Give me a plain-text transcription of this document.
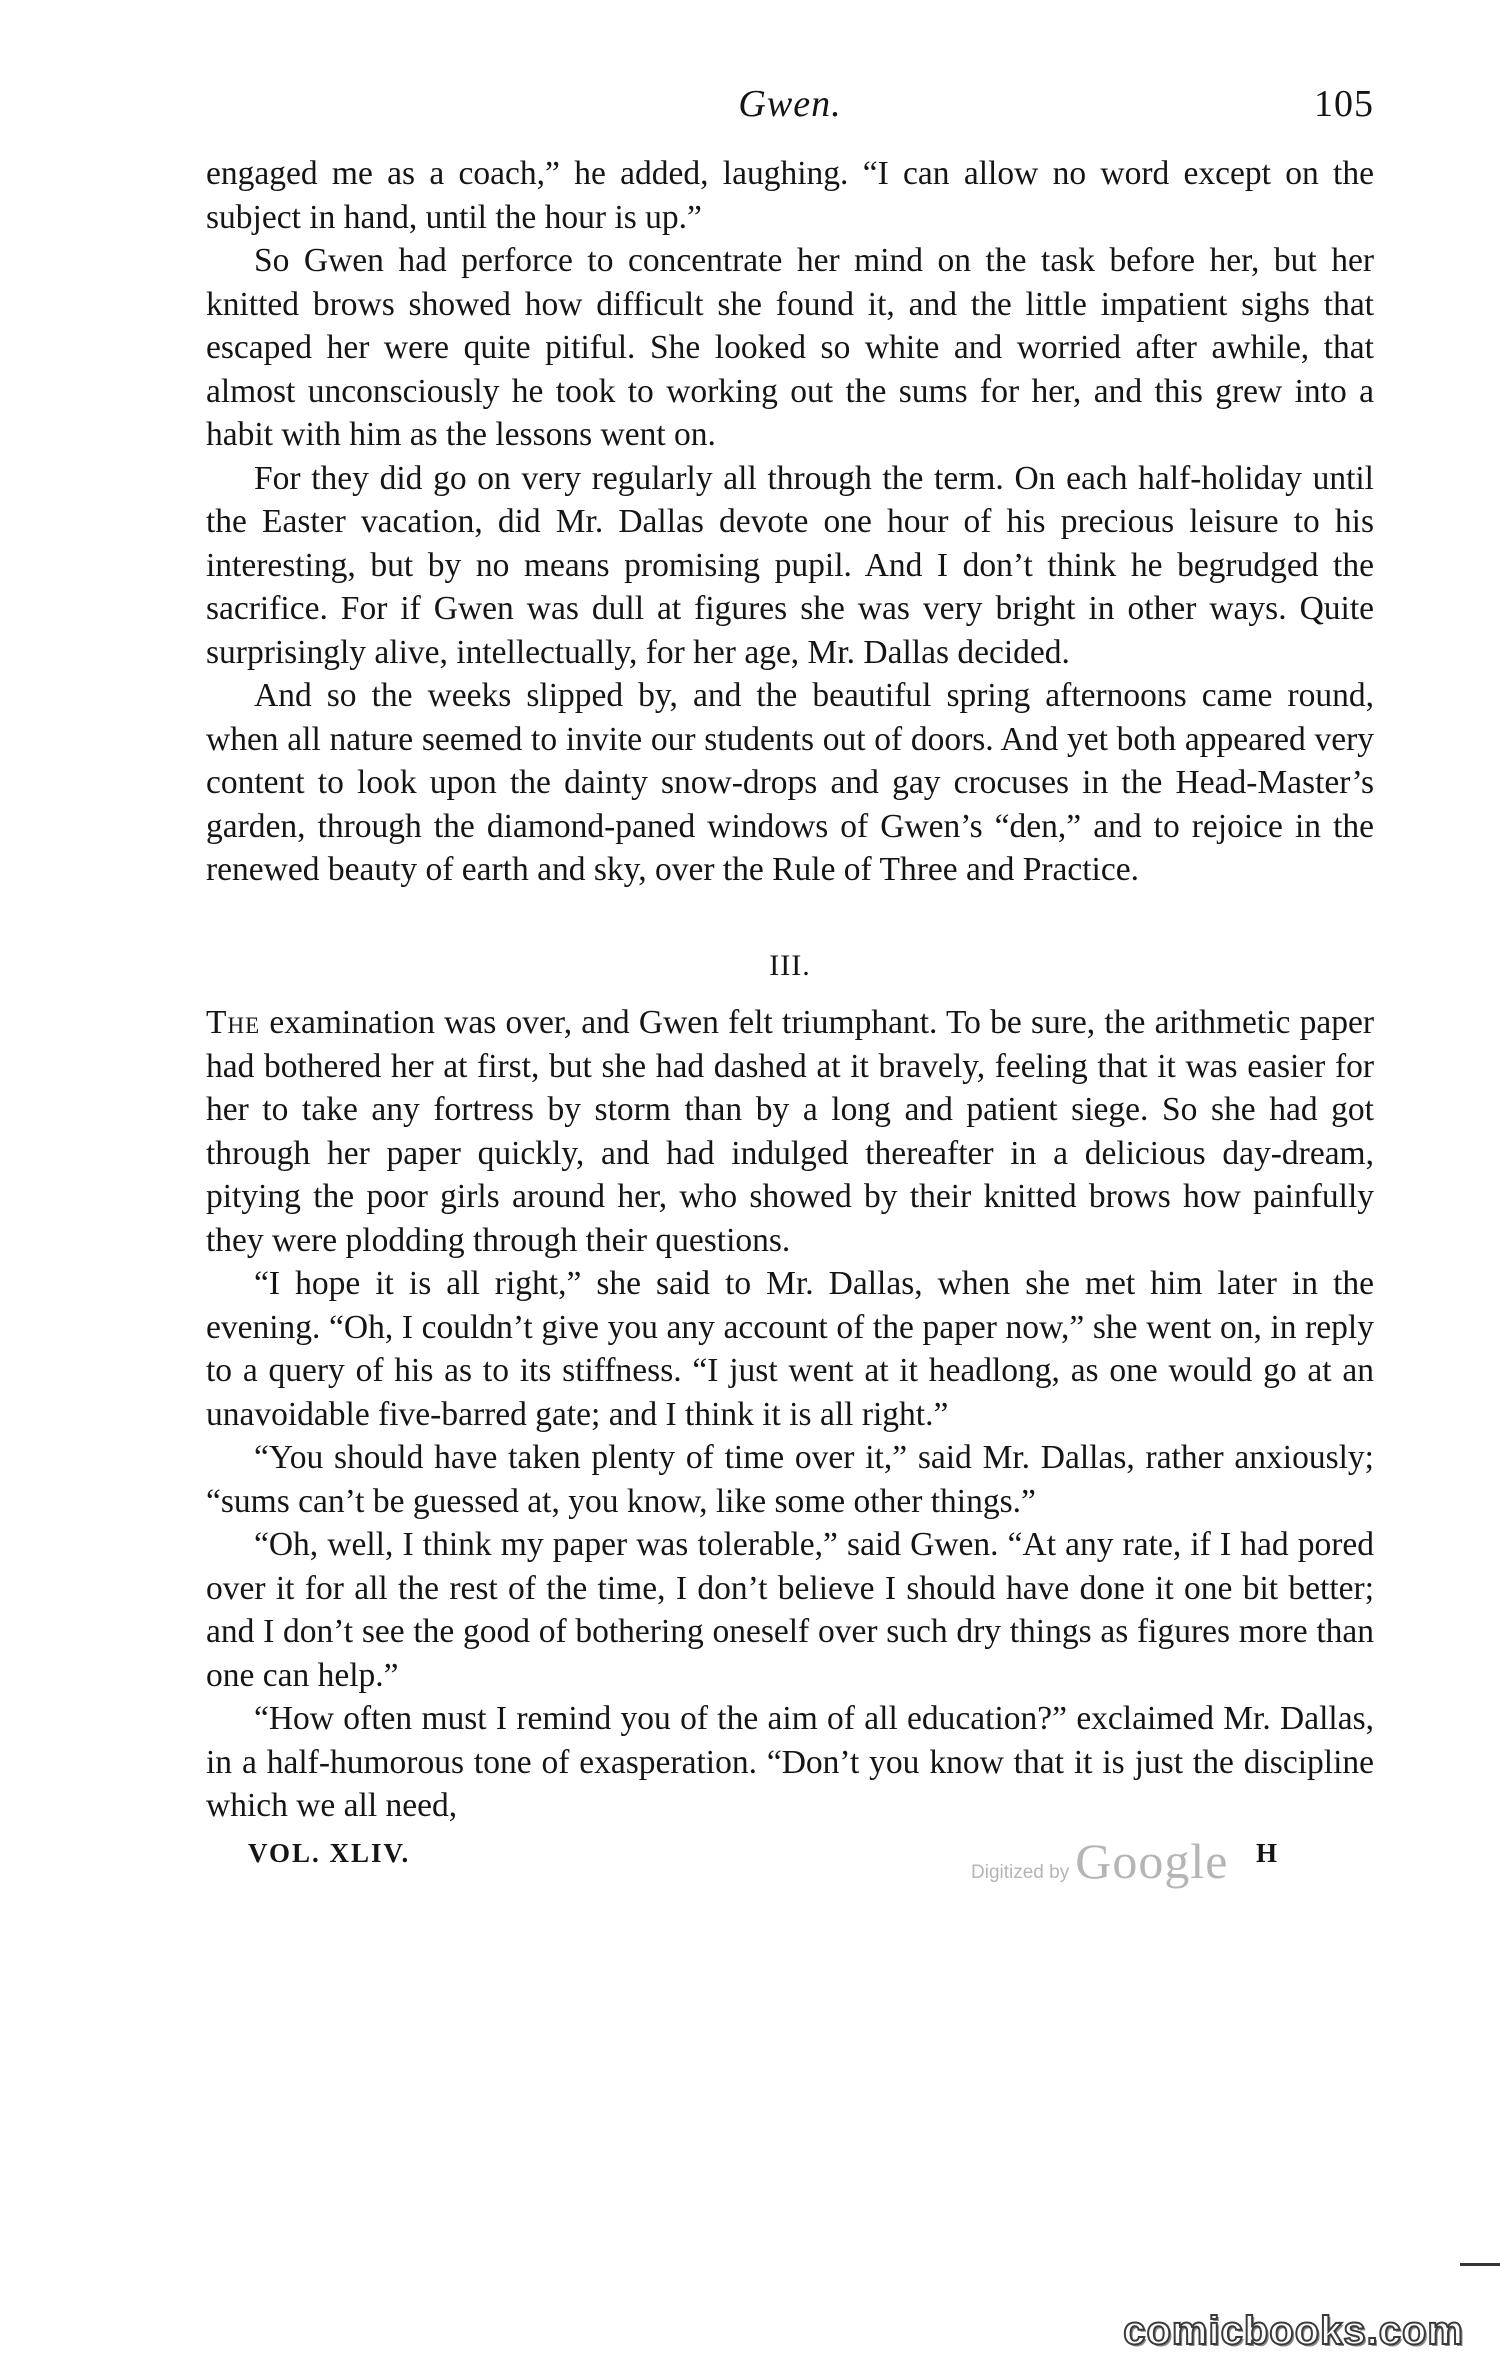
Gwen.	105

engaged me as a coach,” he added, laughing. “I can allow no word except on the subject in hand, until the hour is up.”

So Gwen had perforce to concentrate her mind on the task before her, but her knitted brows showed how difficult she found it, and the little impatient sighs that escaped her were quite pitiful. She looked so white and worried after awhile, that almost unconsciously he took to working out the sums for her, and this grew into a habit with him as the lessons went on.

For they did go on very regularly all through the term. On each half-holiday until the Easter vacation, did Mr. Dallas devote one hour of his precious leisure to his interesting, but by no means promising pupil. And I don’t think he begrudged the sacrifice. For if Gwen was dull at figures she was very bright in other ways. Quite surprisingly alive, intellectually, for her age, Mr. Dallas decided.

And so the weeks slipped by, and the beautiful spring afternoons came round, when all nature seemed to invite our students out of doors. And yet both appeared very content to look upon the dainty snow-drops and gay crocuses in the Head-Master’s garden, through the diamond-paned windows of Gwen’s “den,” and to rejoice in the renewed beauty of earth and sky, over the Rule of Three and Practice.

III.

The examination was over, and Gwen felt triumphant. To be sure, the arithmetic paper had bothered her at first, but she had dashed at it bravely, feeling that it was easier for her to take any fortress by storm than by a long and patient siege. So she had got through her paper quickly, and had indulged thereafter in a delicious day-dream, pitying the poor girls around her, who showed by their knitted brows how painfully they were plodding through their questions.

“I hope it is all right,” she said to Mr. Dallas, when she met him later in the evening. “Oh, I couldn’t give you any account of the paper now,” she went on, in reply to a query of his as to its stiffness. “I just went at it headlong, as one would go at an unavoidable five-barred gate; and I think it is all right.”

“You should have taken plenty of time over it,” said Mr. Dallas, rather anxiously; “sums can’t be guessed at, you know, like some other things.”

“Oh, well, I think my paper was tolerable,” said Gwen. “At any rate, if I had pored over it for all the rest of the time, I don’t believe I should have done it one bit better; and I don’t see the good of bothering oneself over such dry things as figures more than one can help.”

“How often must I remind you of the aim of all education?” exclaimed Mr. Dallas, in a half-humorous tone of exasperation. “Don’t you know that it is just the discipline which we all need,

VOL. XLIV.
Digitized by Google H
comicbooks.com
